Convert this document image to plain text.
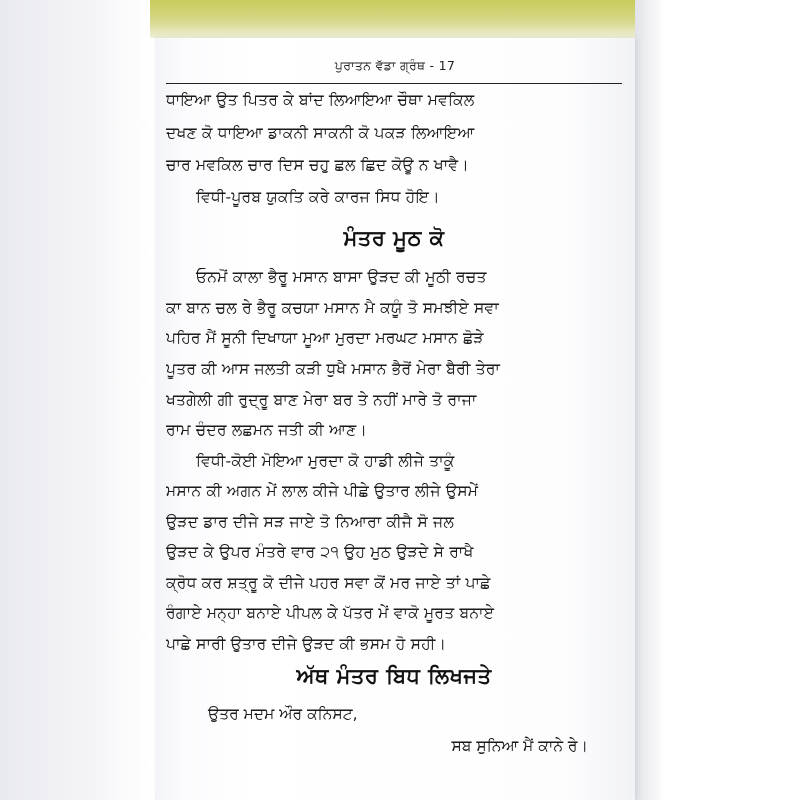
ਪੁਰਾਤਨ ਵੱਡਾ ਗ੍ਰੰਥ - 17
ਧਾਇਆ ਉਤ ਪਿਤਰ ਕੇ ਬਾਂਦ ਲਿਆਇਆ ਚੌਥਾ ਮਵਕਿਲ
ਦਖਣ ਕੋ ਧਾਇਆ ਡਾਕਨੀ ਸਾਕਨੀ ਕੋ ਪਕੜ ਲਿਆਇਆ
ਚਾਰ ਮਵਕਿਲ ਚਾਰ ਦਿਸ ਚਹੁ ਛਲ ਛਿਦ ਕੋਊ ਨ ਖਾਵੈ।
ਵਿਧੀ-ਪੂਰਬ ਯੁਕਤਿ ਕਰੇ ਕਾਰਜ ਸਿਧ ਹੋਇ।
ਮੰਤਰ ਮੂਠ ਕੋ
ਓਨਮੋਂ ਕਾਲਾ ਭੈਰੂ ਮਸਾਨ ਬਾਸਾ ਉੜਦ ਕੀ ਮੂਠੀ ਰਚਤ
ਕਾ ਬਾਨ ਚਲ ਰੇ ਭੈਰੂ ਕਚਯਾ ਮਸਾਨ ਮੈ ਕਯੂੰ ਤੋ ਸਮਝੀਏ ਸਵਾ
ਪਹਿਰ ਮੈਂ ਸੂਨੀ ਦਿਖਾਯਾ ਮੂਆ ਮੁਰਦਾ ਮਰਘਟ ਮਸਾਨ ਛੋੜੇ
ਪੂਤਰ ਕੀ ਆਸ ਜਲਤੀ ਕੜੀ ਧੁਖੈ ਮਸਾਨ ਭੈਰੋਂ ਮੇਰਾ ਬੈਰੀ ਤੇਰਾ
ਖਤਗੇਲੀ ਗੀ ਰੁਦ੍ਰੂ ਬਾਣ ਮੇਰਾ ਬਰ ਤੇ ਨਹੀਂ ਮਾਰੇ ਤੋ ਰਾਜਾ
ਰਾਮ ਚੰਦਰ ਲਛਮਨ ਜਤੀ ਕੀ ਆਣ।
ਵਿਧੀ-ਕੋਈ ਮੋਇਆ ਮੁਰਦਾ ਕੋ ਹਾਡੀ ਲੀਜੇ ਤਾਕੂੰ
ਮਸਾਨ ਕੀ ਅਗਨ ਮੇਂ ਲਾਲ ਕੀਜੇ ਪੀਛੇ ਉਤਾਰ ਲੀਜੇ ਉਸਮੇਂ
ਉੜਦ ਡਾਰ ਦੀਜੇ ਸੜ ਜਾਏ ਤੋ ਨਿਆਰਾ ਕੀਜੈ ਸੋ ਜਲ
ਉੜਦ ਕੇ ਉਪਰ ਮੰਤਰੇ ਵਾਰ ੨੧ ਉਹ ਮੁਠ ਉੜਦੇ ਸੇ ਰਾਖੈ
ਕ੍ਰੋਧ ਕਰ ਸ਼ਤ੍ਰੂ ਕੋ ਦੀਜੇ ਪਹਰ ਸਵਾ ਕੋਂ ਮਰ ਜਾਏ ਤਾਂ ਪਾਛੇ
ਰੰਗਾਏ ਮਨ੍ਹਾ ਬਨਾਏ ਪੀਪਲ ਕੇ ਪੱਤਰ ਮੇਂ ਵਾਕੋ ਮੂਰਤ ਬਨਾਏ
ਪਾਛੇ ਸਾਰੀ ਉਤਾਰ ਦੀਜੇ ਉੜਦ ਕੀ ਭਸਮ ਹੋ ਸਹੀ।
ਅੱਥ ਮੰਤਰ ਬਿਧ ਲਿਖਜਤੇ
ਉਤਰ ਮਦਮ ਔਰ ਕਨਿਸਟ,
ਸਬ ਸੁਨਿਆ ਮੈਂ ਕਾਨੇ ਰੇ।
